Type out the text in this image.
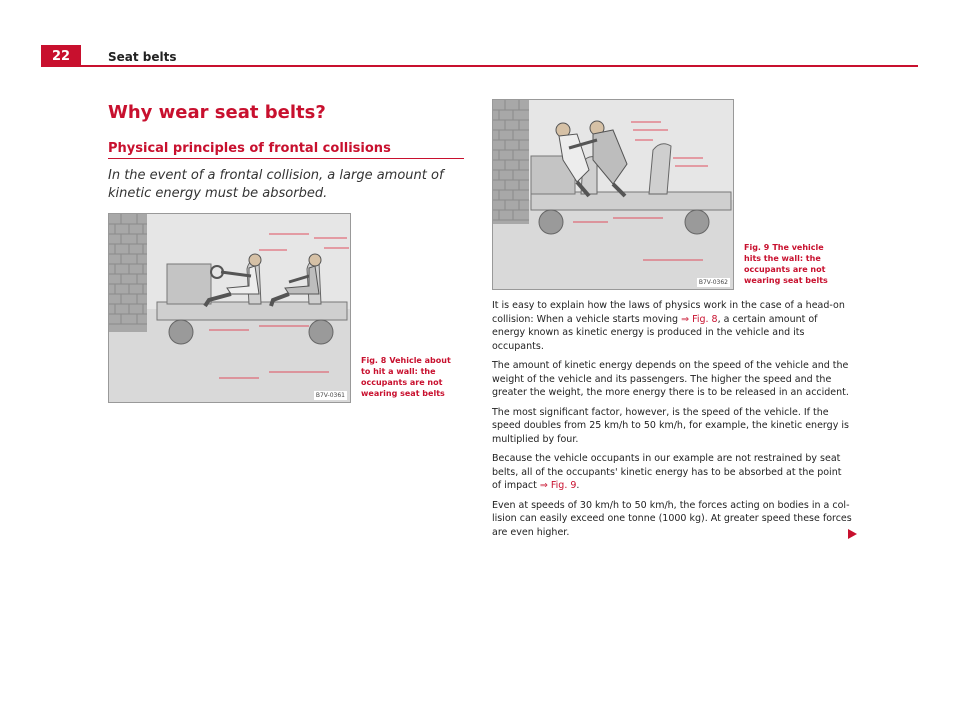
22	Seat belts
Why wear seat belts?
Physical principles of frontal collisions
In the event of a frontal collision, a large amount of kinetic energy must be absorbed.
B7V-0361
Fig. 8 Vehicle about to hit a wall: the occupants are not wearing seat belts
B7V-0362
Fig. 9 The vehicle hits the wall: the occupants are not wearing seat belts

It is easy to explain how the laws of physics work in the case of a head-on collision: When a vehicle starts moving ⇒ Fig. 8, a certain amount of energy known as kinetic energy is produced in the vehicle and its occupants.

The amount of kinetic energy depends on the speed of the vehicle and the weight of the vehicle and its passengers. The higher the speed and the greater the weight, the more energy there is to be released in an accident.

The most significant factor, however, is the speed of the vehicle. If the speed doubles from 25 km/h to 50 km/h, for example, the kinetic energy is multiplied by four.

Because the vehicle occupants in our example are not restrained by seat belts, all of the occupants' kinetic energy has to be absorbed at the point of impact ⇒ Fig. 9.

Even at speeds of 30 km/h to 50 km/h, the forces acting on bodies in a col-lision can easily exceed one tonne (1000 kg). At greater speed these forces are even higher.
